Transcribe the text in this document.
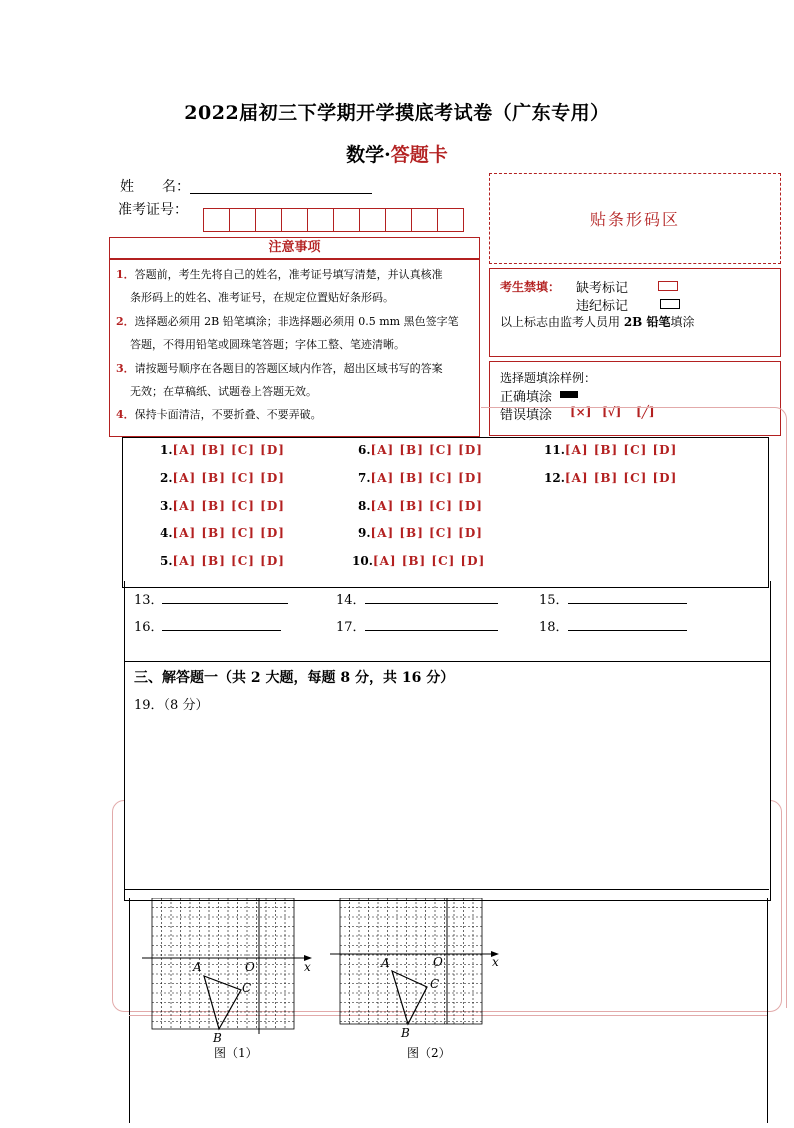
2022届初三下学期开学摸底考试卷（广东专用）
数学·答题卡
姓　　名：
准考证号：	贴条形码区
注意事项
1．答题前，考生先将自己的姓名，准考证号填写清楚，并认真核准
条形码上的姓名、准考证号，在规定位置贴好条形码。
2．选择题必须用 2B 铅笔填涂；非选择题必须用 0.5 mm 黑色签字笔
答题，不得用铅笔或圆珠笔答题；字体工整、笔迹清晰。
3．请按题号顺序在各题目的答题区域内作答，超出区域书写的答案
无效；在草稿纸、试题卷上答题无效。
4．保持卡面清洁，不要折叠、不要弄破。
考生禁填： 缺考标记
违纪标记
以上标志由监考人员用 2B 铅笔填涂
选择题填涂样例：
正确填涂
错误填涂 [×] [√] [╱]
1.[A] [B] [C] [D]
2.[A] [B] [C] [D]
3.[A] [B] [C] [D]
4.[A] [B] [C] [D]
5.[A] [B] [C] [D]
6.[A] [B] [C] [D]
7.[A] [B] [C] [D]
8.[A] [B] [C] [D]
9.[A] [B] [C] [D]
10.[A] [B] [C] [D]
11.[A] [B] [C] [D]
12.[A] [B] [C] [D]
13．	14．	15．
16．	17．	18．
三、解答题一（共 2 大题，每题 8 分，共 16 分）
19．（8 分）
A	O	x
C
B
图（1）
A	O	x
C
B
图（2）
